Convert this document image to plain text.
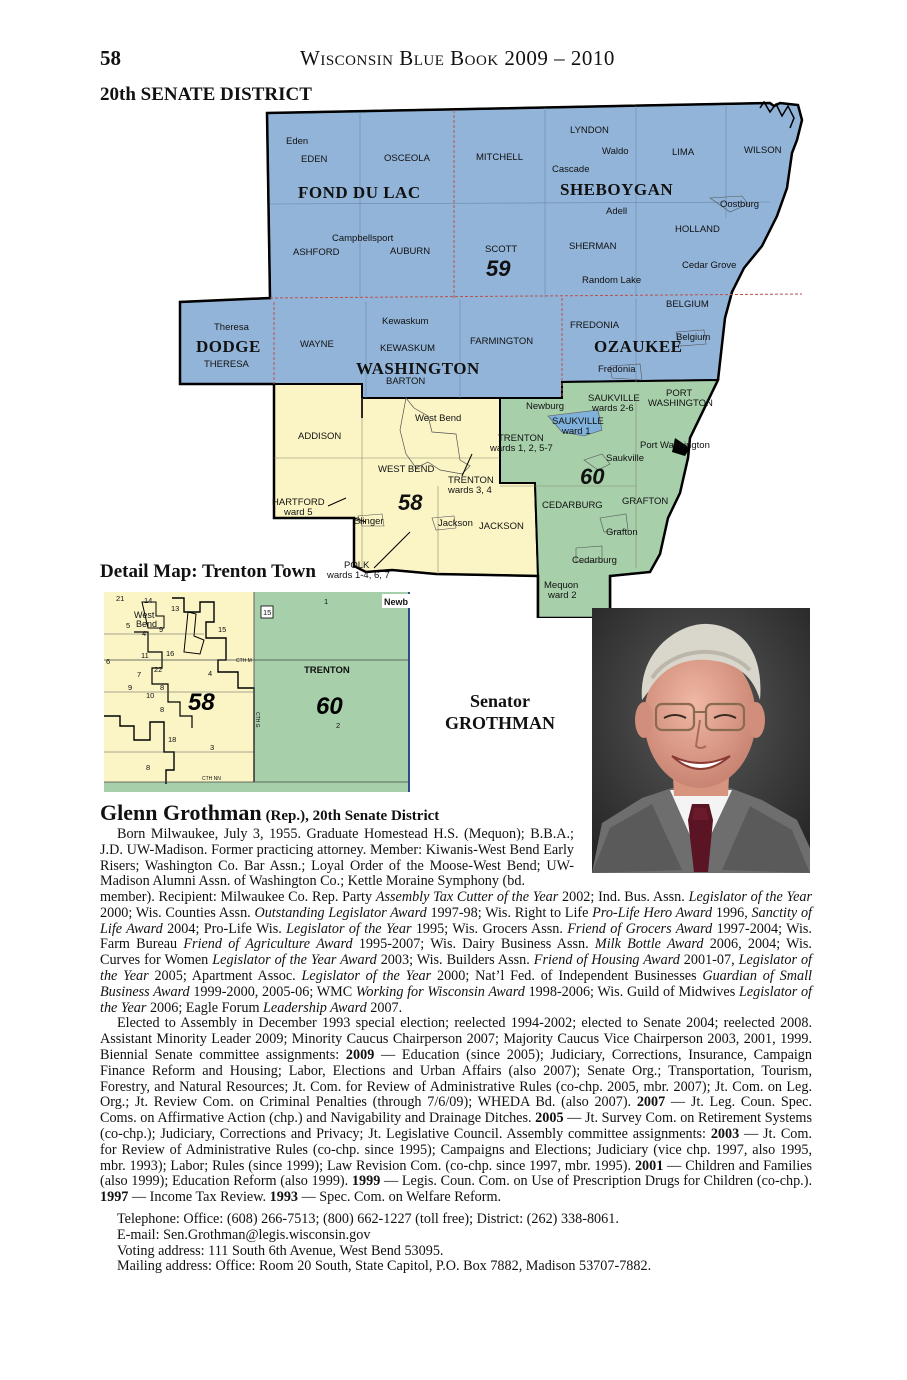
58	Wisconsin Blue Book 2009 – 2010
20th SENATE DISTRICT
FOND DU LAC	SHEBOYGAN
DODGE
WASHINGTON
OZAUKEE
59
58
60
Eden
EDEN	OSCEOLA	MITCHELL
LYNDON
Waldo
Cascade
LIMA	WILSON
Adell
Oostburg
HOLLAND
Campbellsport
ASHFORD	AUBURN	SCOTT	SHERMAN
Cedar Grove
Random Lake
BELGIUM
Theresa
THERESA
WAYNE
Kewaskum
KEWASKUM
FARMINGTON
FREDONIA
Belgium
Fredonia
BARTON
Newburg
SAUKVILLE wards 2-6
SAUKVILLE ward 1
PORT WASHINGTON
ADDISON
West Bend
TRENTON wards 1, 2, 5-7	Port Washington
Saukville
WEST BEND
TRENTON wards 3, 4
HARTFORD ward 5
CEDARBURG GRAFTON
Slinger	Jackson JACKSON
Grafton
Cedarburg
POLK wards 1-4, 6, 7
Mequon ward 2
Detail Map: Trenton Town
15
Newb
West Bend
TRENTON
58	60
CTH M
CTH NN
CTH G
21	14
13
5
4 9	15
11 16
6
22
7
9
10
8
3
8
4
8
18
1
2
Senator
GROTHMAN
Glenn Grothman (Rep.), 20th Senate District

Born Milwaukee, July 3, 1955. Graduate Homestead H.S. (Mequon); B.B.A.; J.D. UW-Madison. Former practicing attorney. Member: Kiwanis-West Bend Early Risers; Washington Co. Bar Assn.; Loyal Order of the Moose-West Bend; UW-Madison Alumni Assn. of Washington Co.; Kettle Moraine Symphony (bd.

member). Recipient: Milwaukee Co. Rep. Party Assembly Tax Cutter of the Year 2002; Ind. Bus. Assn. Legislator of the Year 2000; Wis. Counties Assn. Outstanding Legislator Award 1997-98; Wis. Right to Life Pro-Life Hero Award 1996, Sanctity of Life Award 2004; Pro-Life Wis. Legislator of the Year 1995; Wis. Grocers Assn. Friend of Grocers Award 1997-2004; Wis. Farm Bureau Friend of Agriculture Award 1995-2007; Wis. Dairy Business Assn. Milk Bottle Award 2006, 2004; Wis. Curves for Women Legislator of the Year Award 2003; Wis. Builders Assn. Friend of Housing Award 2001-07, Legislator of the Year 2005; Apartment Assoc. Legislator of the Year 2000; Nat’l Fed. of Independent Businesses Guardian of Small Business Award 1999-2000, 2005-06; WMC Working for Wisconsin Award 1998-2006; Wis. Guild of Midwives Legislator of the Year 2006; Eagle Forum Leadership Award 2007.

Elected to Assembly in December 1993 special election; reelected 1994-2002; elected to Senate 2004; reelected 2008. Assistant Minority Leader 2009; Minority Caucus Chairperson 2007; Majority Caucus Vice Chairperson 2003, 2001, 1999. Biennial Senate committee assignments: 2009 — Education (since 2005); Judiciary, Corrections, Insurance, Campaign Finance Reform and Housing; Labor, Elections and Urban Affairs (also 2007); Senate Org.; Transportation, Tourism, Forestry, and Natural Resources; Jt. Com. for Review of Administrative Rules (co-chp. 2005, mbr. 2007); Jt. Com. on Leg. Org.; Jt. Review Com. on Criminal Penalties (through 7/6/09); WHEDA Bd. (also 2007). 2007 — Jt. Leg. Coun. Spec. Coms. on Affirmative Action (chp.) and Navigability and Drainage Ditches. 2005 — Jt. Survey Com. on Retirement Systems (co-chp.); Judiciary, Corrections and Privacy; Jt. Legislative Council. Assembly committee assignments: 2003 — Jt. Com. for Review of Administrative Rules (co-chp. since 1995); Campaigns and Elections; Judiciary (vice chp. 1997, also 1995, mbr. 1993); Labor; Rules (since 1999); Law Revision Com. (co-chp. since 1997, mbr. 1995). 2001 — Children and Families (also 1999); Education Reform (also 1999). 1999 — Legis. Coun. Com. on Use of Prescription Drugs for Children (co-chp.). 1997 — Income Tax Review. 1993 — Spec. Com. on Welfare Reform.

Telephone: Office: (608) 266-7513; (800) 662-1227 (toll free); District: (262) 338-8061.
E-mail: Sen.Grothman@legis.wisconsin.gov
Voting address: 111 South 6th Avenue, West Bend 53095.
Mailing address: Office: Room 20 South, State Capitol, P.O. Box 7882, Madison 53707-7882.
